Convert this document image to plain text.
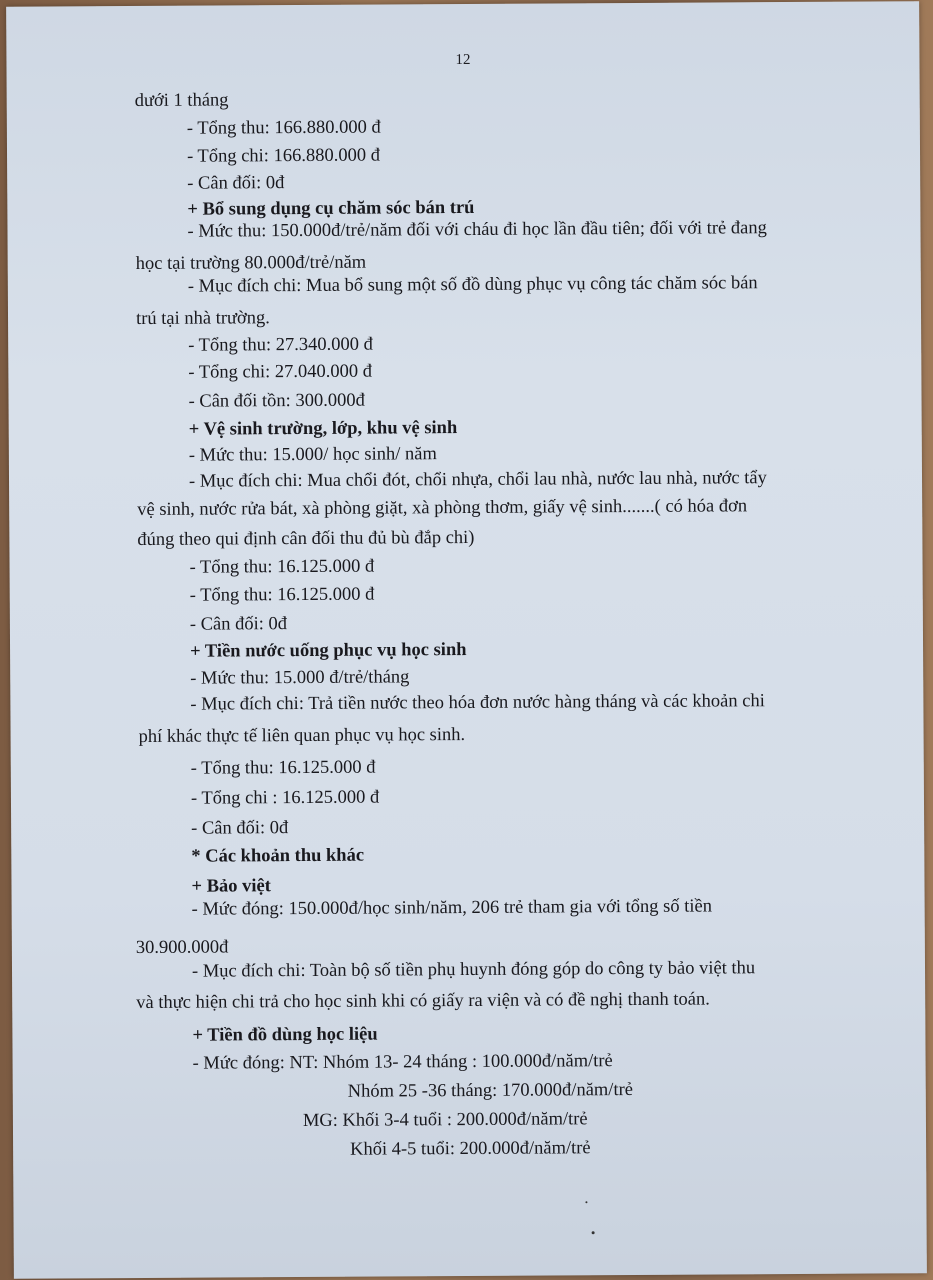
12
dưới 1 tháng
- Tổng thu: 166.880.000 đ
- Tổng chi: 166.880.000 đ
- Cân đối: 0đ
+ Bổ sung dụng cụ chăm sóc bán trú
- Mức thu: 150.000đ/trẻ/năm đối với cháu đi học lần đầu tiên; đối với trẻ đang
học tại trường 80.000đ/trẻ/năm
- Mục đích chi: Mua bổ sung một số đồ dùng phục vụ công tác chăm sóc bán
trú tại nhà trường.
- Tổng thu: 27.340.000 đ
- Tổng chi: 27.040.000 đ
- Cân đối tồn: 300.000đ
+ Vệ sinh trường, lớp, khu vệ sinh
- Mức thu: 15.000/ học sinh/ năm
- Mục đích chi: Mua chổi đót, chổi nhựa, chổi lau nhà, nước lau nhà, nước tẩy
vệ sinh, nước rửa bát, xà phòng giặt, xà phòng thơm, giấy vệ sinh.......( có hóa đơn
đúng theo qui định cân đối thu đủ bù đắp chi)
- Tổng thu: 16.125.000 đ
- Tổng thu: 16.125.000 đ
- Cân đối: 0đ
+ Tiền nước uống phục vụ học sinh
- Mức thu: 15.000 đ/trẻ/tháng
- Mục đích chi: Trả tiền nước theo hóa đơn nước hàng tháng và các khoản chi
phí khác thực tế liên quan phục vụ học sinh.
- Tổng thu: 16.125.000 đ
- Tổng chi : 16.125.000 đ
- Cân đối: 0đ
* Các khoản thu khác
+ Bảo việt
- Mức đóng: 150.000đ/học sinh/năm, 206 trẻ tham gia với tổng số tiền
30.900.000đ
- Mục đích chi: Toàn bộ số tiền phụ huynh đóng góp do công ty bảo việt thu
và thực hiện chi trả cho học sinh khi có giấy ra viện và có đề nghị thanh toán.
+ Tiền đồ dùng học liệu
- Mức đóng: NT: Nhóm 13- 24 tháng : 100.000đ/năm/trẻ
Nhóm 25 -36 tháng: 170.000đ/năm/trẻ
MG: Khối 3-4 tuổi : 200.000đ/năm/trẻ
Khối 4-5 tuổi: 200.000đ/năm/trẻ
